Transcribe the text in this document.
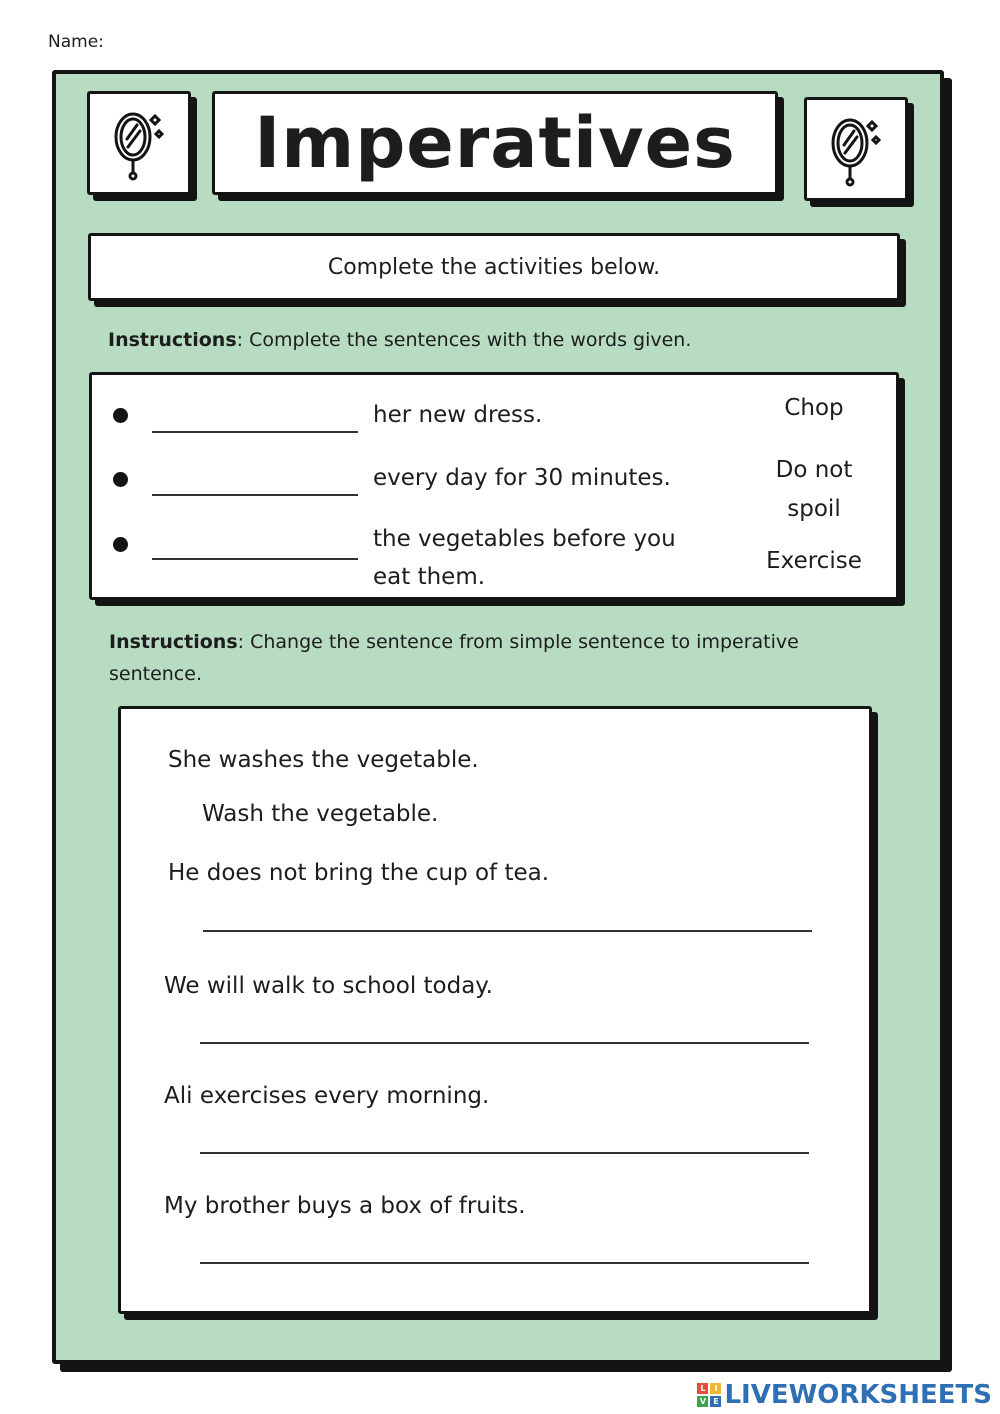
Name:
Imperatives
Complete the activities below.
Instructions: Complete the sentences with the words given.
her new dress.
every day for 30 minutes.
the vegetables before you
eat them.
Chop
Do not
spoil
Exercise
Instructions: Change the sentence from simple sentence to imperative
sentence.
She washes the vegetable.
Wash the vegetable.
He does not bring the cup of tea.
We will walk to school today.
Ali exercises every morning.
My brother buys a box of fruits.
L	I
V E LIVEWORKSHEETS
